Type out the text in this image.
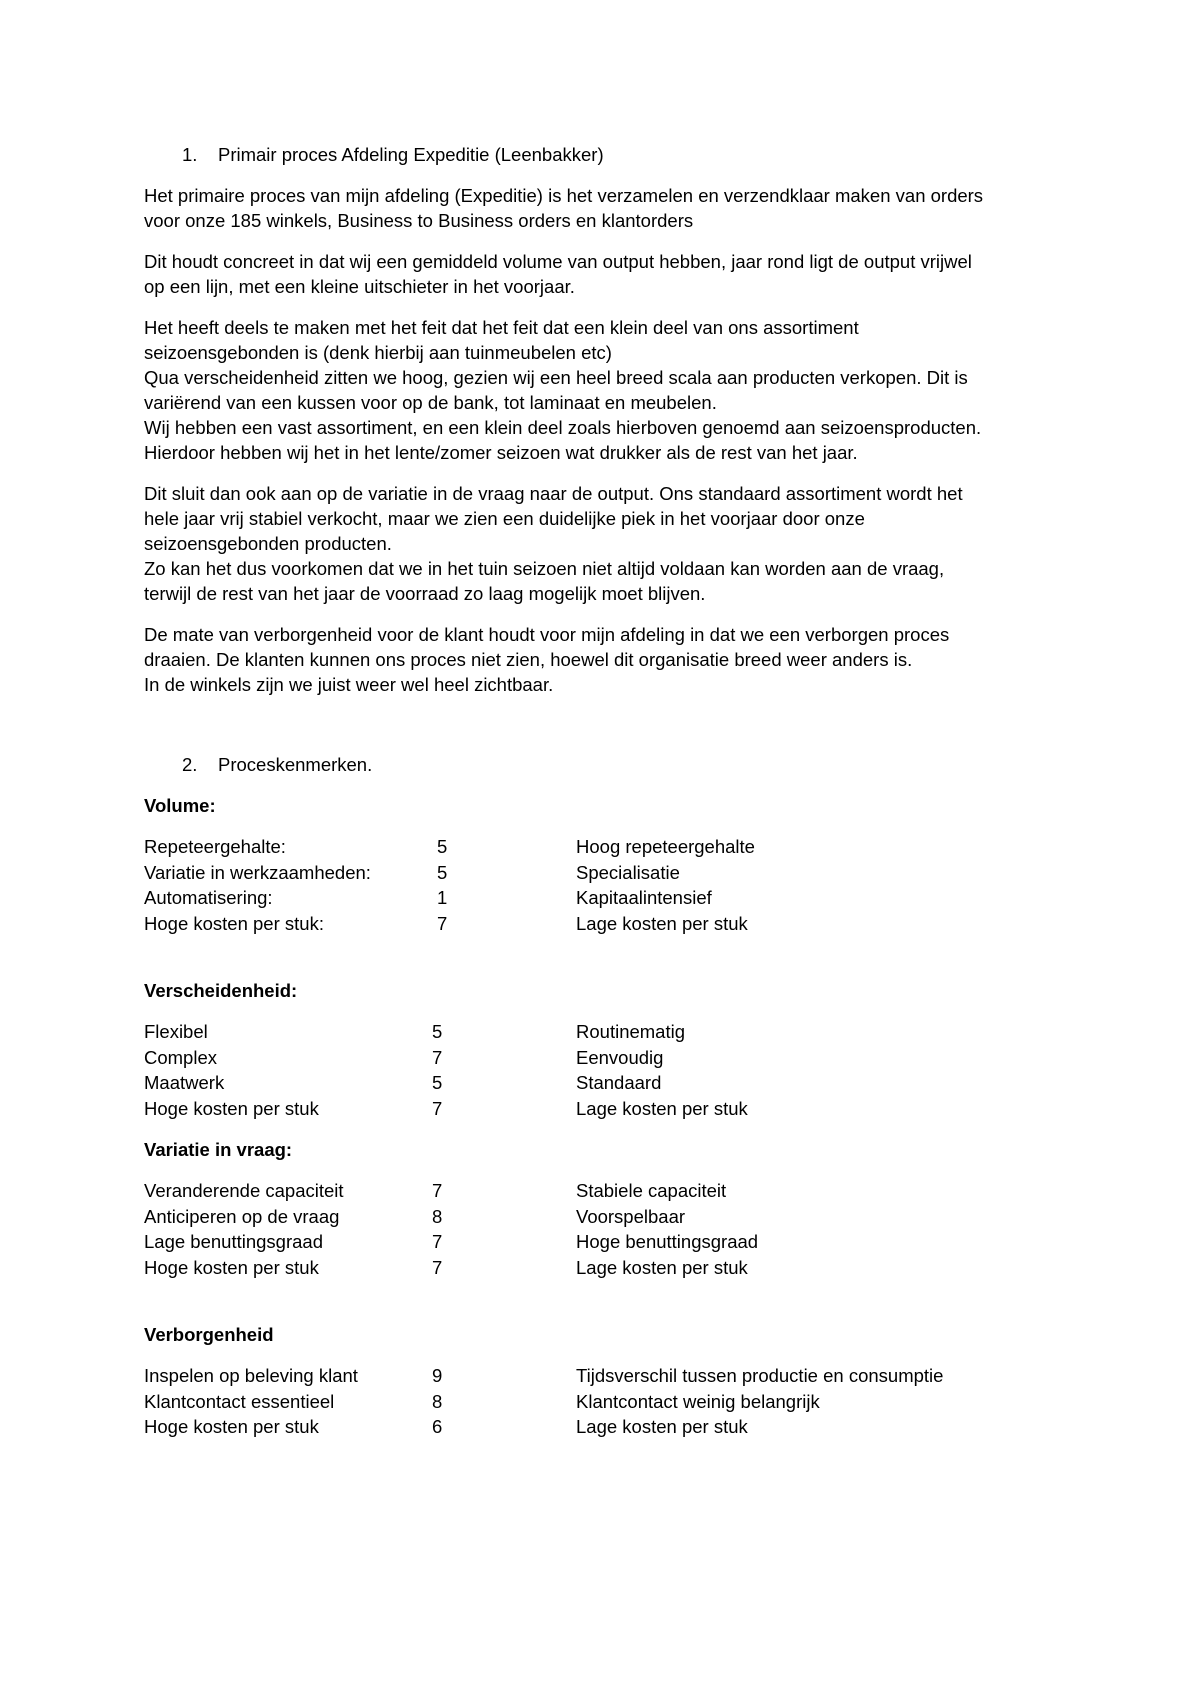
1. Primair proces Afdeling Expeditie (Leenbakker)

Het primaire proces van mijn afdeling (Expeditie) is het verzamelen en verzendklaar maken van orders
voor onze 185 winkels, Business to Business orders en klantorders

Dit houdt concreet in dat wij een gemiddeld volume van output hebben, jaar rond ligt de output vrijwel
op een lijn, met een kleine uitschieter in het voorjaar.

Het heeft deels te maken met het feit dat het feit dat een klein deel van ons assortiment
seizoensgebonden is (denk hierbij aan tuinmeubelen etc)
Qua verscheidenheid zitten we hoog, gezien wij een heel breed scala aan producten verkopen. Dit is
variërend van een kussen voor op de bank, tot laminaat en meubelen.
Wij hebben een vast assortiment, en een klein deel zoals hierboven genoemd aan seizoensproducten.
Hierdoor hebben wij het in het lente/zomer seizoen wat drukker als de rest van het jaar.

Dit sluit dan ook aan op de variatie in de vraag naar de output. Ons standaard assortiment wordt het
hele jaar vrij stabiel verkocht, maar we zien een duidelijke piek in het voorjaar door onze
seizoensgebonden producten.
Zo kan het dus voorkomen dat we in het tuin seizoen niet altijd voldaan kan worden aan de vraag,
terwijl de rest van het jaar de voorraad zo laag mogelijk moet blijven.

De mate van verborgenheid voor de klant houdt voor mijn afdeling in dat we een verborgen proces
draaien. De klanten kunnen ons proces niet zien, hoewel dit organisatie breed weer anders is.
In de winkels zijn we juist weer wel heel zichtbaar.

2. Proceskenmerken.
Volume:
Repeteergehalte:	5	Hoog repeteergehalte
Variatie in werkzaamheden:	5	Specialisatie
Automatisering:	1	Kapitaalintensief
Hoge kosten per stuk:	7	Lage kosten per stuk
Verscheidenheid:
Flexibel	5	Routinematig
Complex	7	Eenvoudig
Maatwerk	5	Standaard
Hoge kosten per stuk	7	Lage kosten per stuk
Variatie in vraag:
Veranderende capaciteit	7	Stabiele capaciteit
Anticiperen op de vraag	8	Voorspelbaar
Lage benuttingsgraad	7	Hoge benuttingsgraad
Hoge kosten per stuk	7	Lage kosten per stuk
Verborgenheid
Inspelen op beleving klant	9	Tijdsverschil tussen productie en consumptie
Klantcontact essentieel	8	Klantcontact weinig belangrijk
Hoge kosten per stuk	6	Lage kosten per stuk
